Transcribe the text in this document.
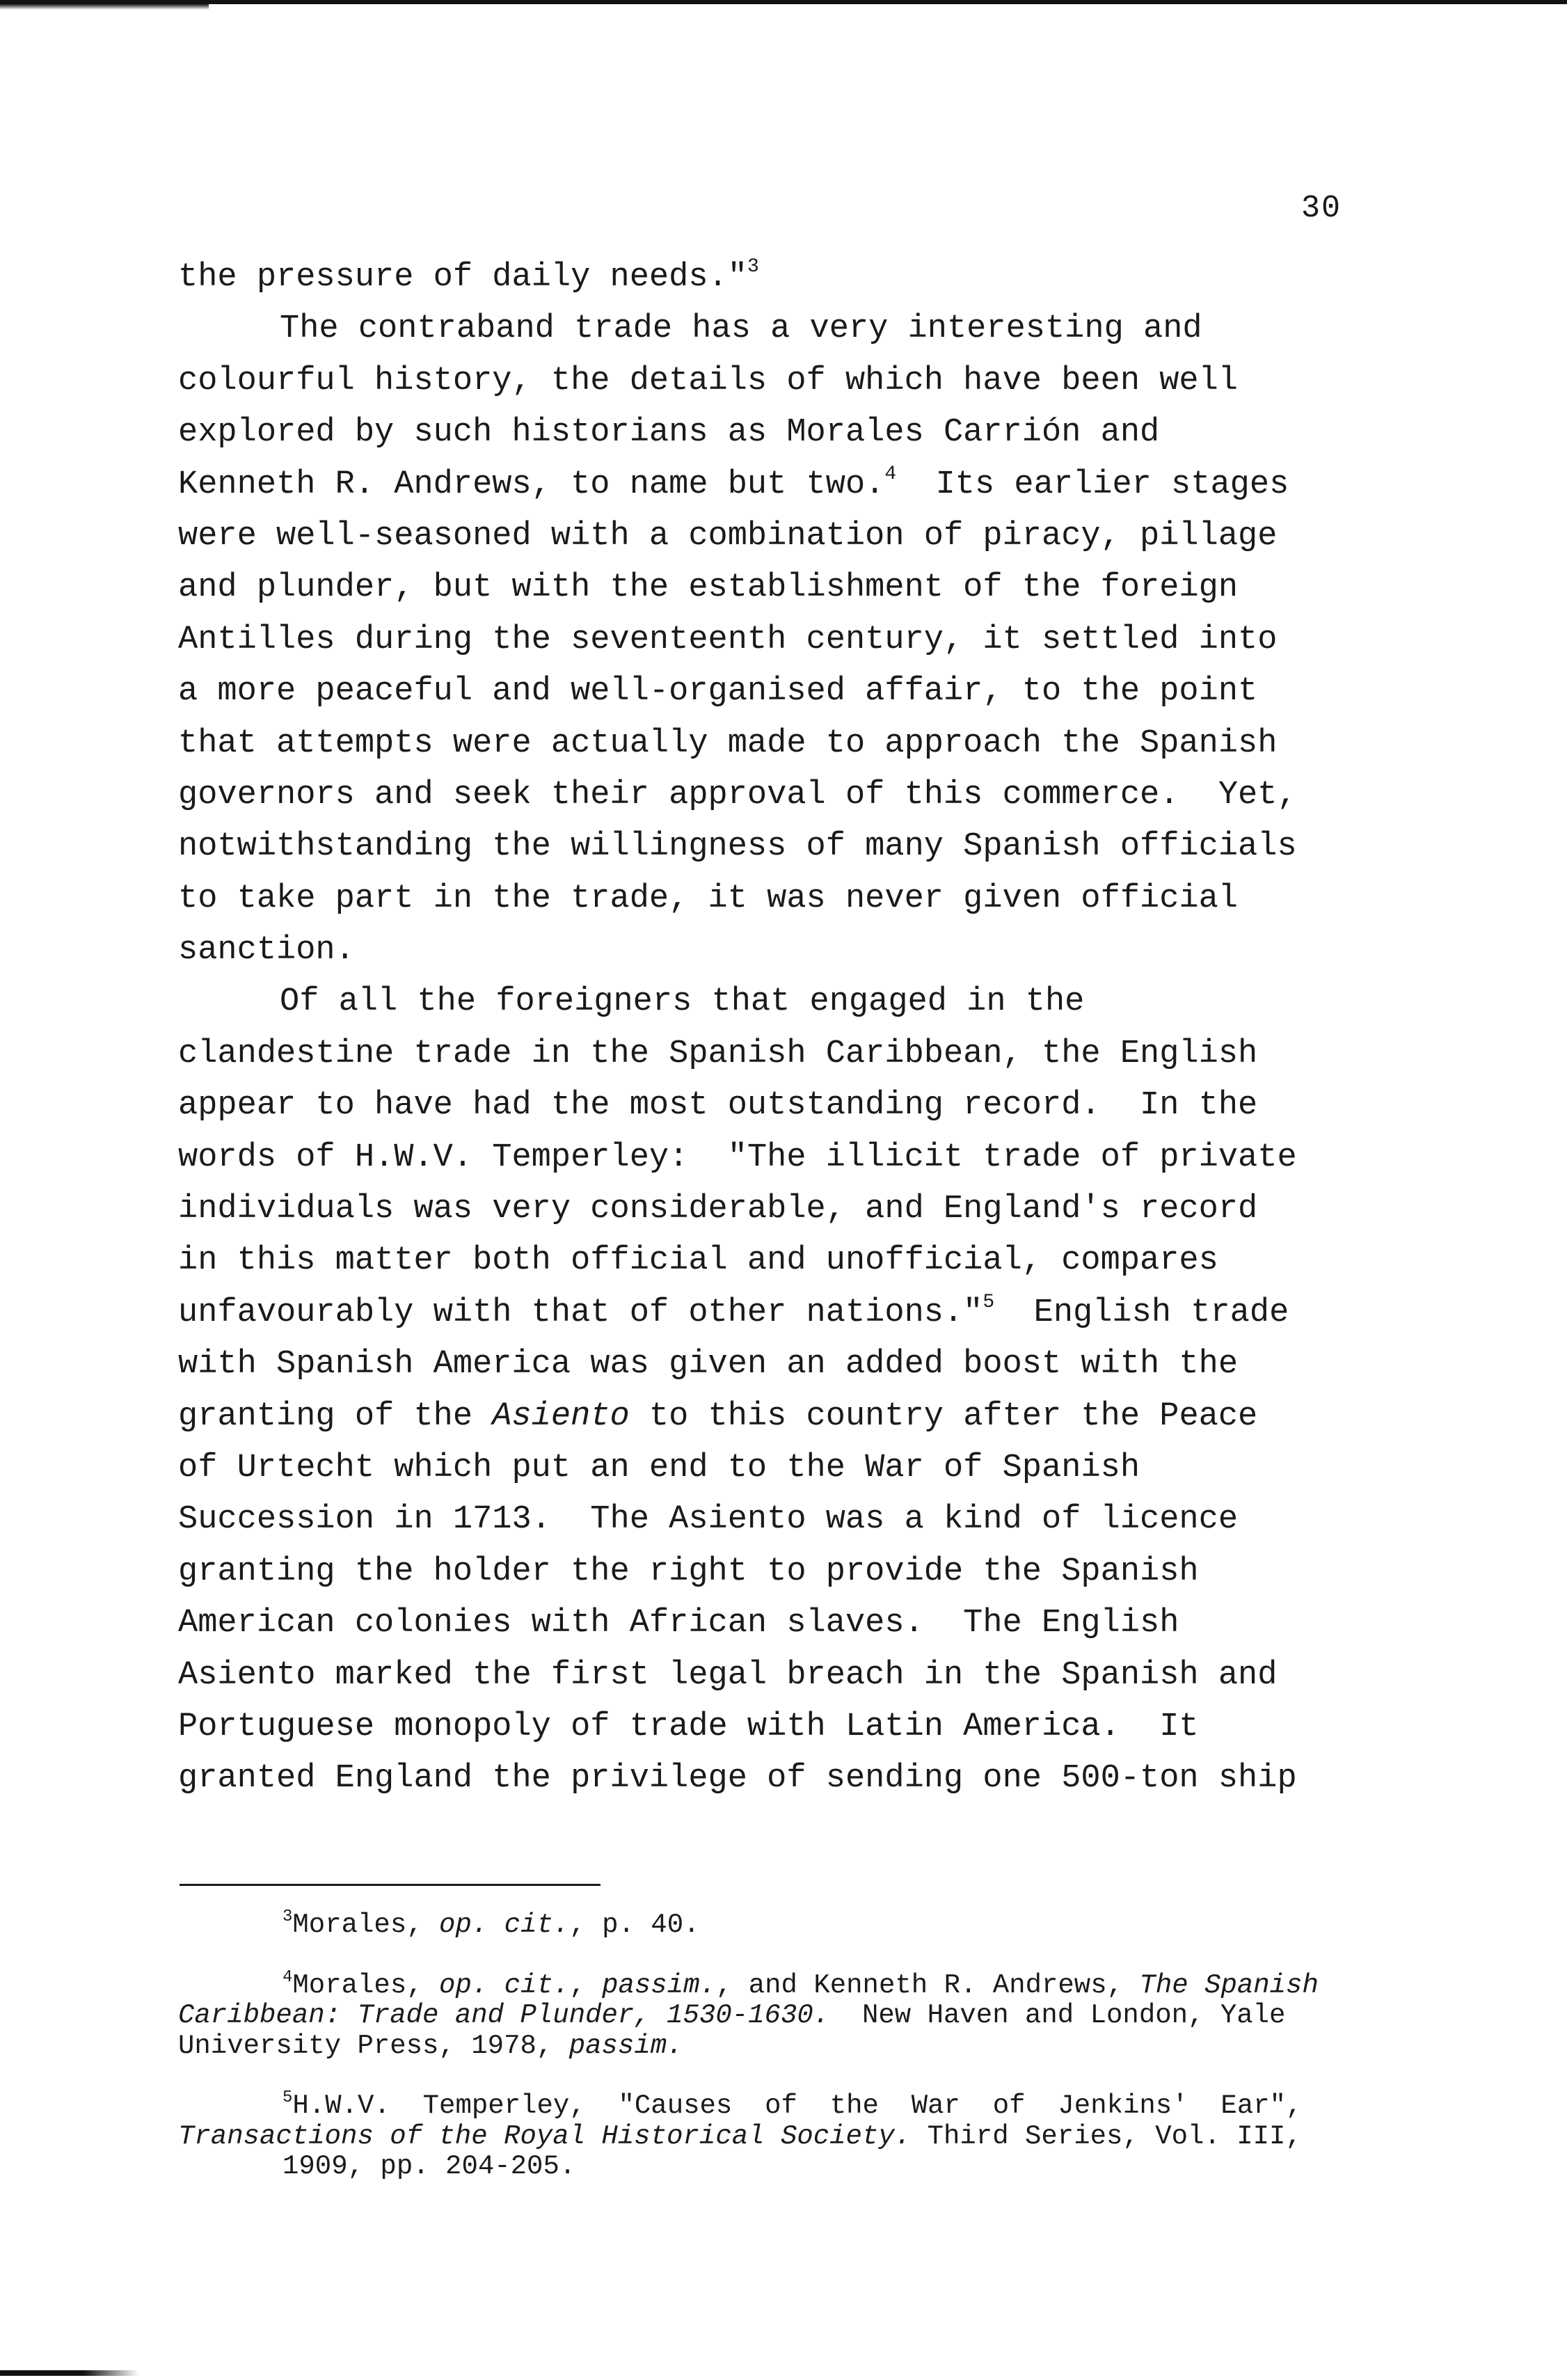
30
the pressure of daily needs."$^3$
The contraband trade has a very interesting and
colourful history, the details of which have been well
explored by such historians as Morales Carrión and
Kenneth R. Andrews, to name but two.$^4$  Its earlier stages
were well-seasoned with a combination of piracy, pillage
and plunder, but with the establishment of the foreign
Antilles during the seventeenth century, it settled into
a more peaceful and well-organised affair, to the point
that attempts were actually made to approach the Spanish
governors and seek their approval of this commerce.  Yet,
notwithstanding the willingness of many Spanish officials
to take part in the trade, it was never given official
sanction.
Of all the foreigners that engaged in the
clandestine trade in the Spanish Caribbean, the English
appear to have had the most outstanding record.  In the
words of H.W.V. Temperley:  "The illicit trade of private
individuals was very considerable, and England's record
in this matter both official and unofficial, compares
unfavourably with that of other nations."$^5$  English trade
with Spanish America was given an added boost with the
granting of the Asiento to this country after the Peace
of Urtecht which put an end to the War of Spanish
Succession in 1713.  The Asiento was a kind of licence
granting the holder the right to provide the Spanish
American colonies with African slaves.  The English
Asiento marked the first legal breach in the Spanish and
Portuguese monopoly of trade with Latin America.  It
granted England the privilege of sending one 500-ton ship
$^3$Morales, op. cit., p. 40.
$^4$Morales, op. cit., passim., and Kenneth R. Andrews, The Spanish
Caribbean: Trade and Plunder, 1530-1630.  New Haven and London, Yale
University Press, 1978, passim.
$^5$H.W.V.  Temperley,  "Causes  of  the  War  of  Jenkins'  Ear",
Transactions of the Royal Historical Society. Third Series, Vol. III,
1909, pp. 204-205.
